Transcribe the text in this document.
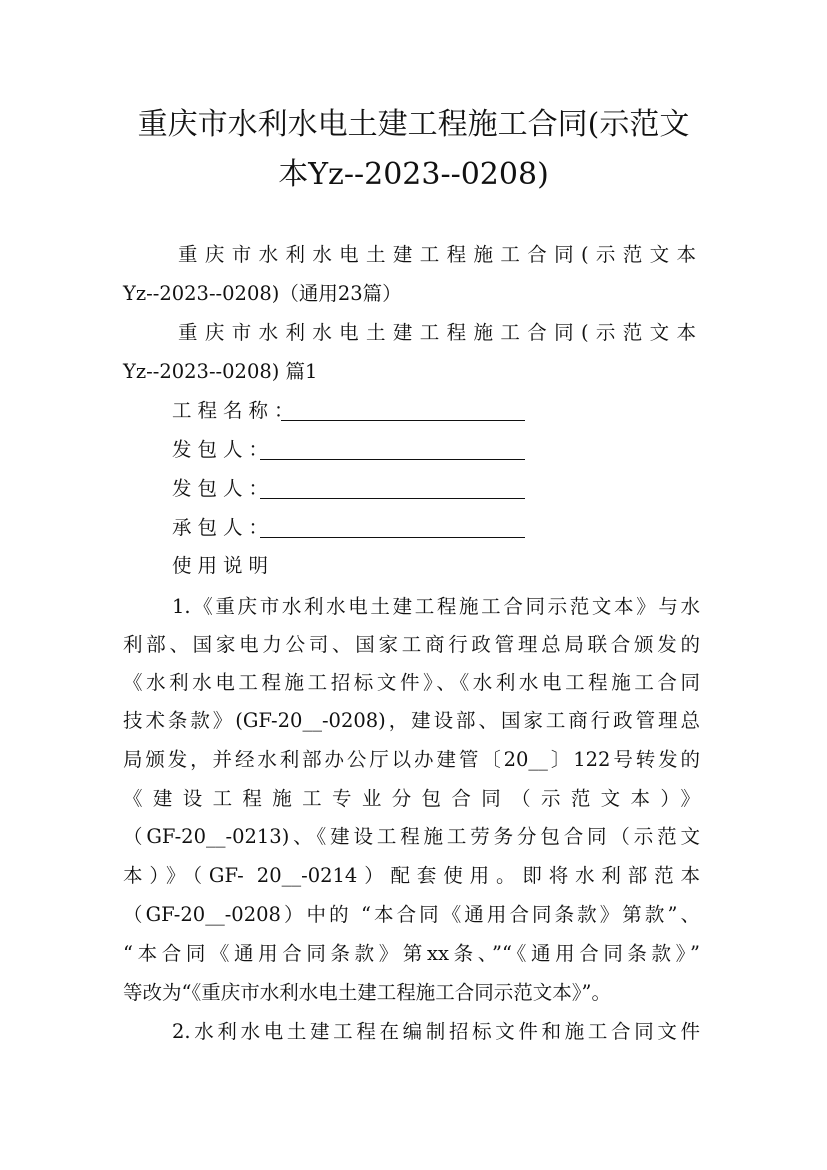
重庆市水利水电土建工程施工合同(示范文
本Yz--2023--0208)
重庆市水利水电土建工程施工合同(示范文本
Yz--2023--0208)（通用23篇）
重庆市水利水电土建工程施工合同(示范文本
Yz--2023--0208) 篇1
工程名称：
发包人：
发包人：
承包人：
使用说明
1.《重庆市水利水电土建工程施工合同示范文本》与水
利部、国家电力公司、国家工商行政管理总局联合颁发的
《水利水电工程施工招标文件》、《水利水电工程施工合同
技术条款》(GF-20__-0208)，建设部、国家工商行政管理总
局颁发，并经水利部办公厅以办建管〔20__〕122号转发的
《建设工程施工专业分包合同（示范文本）》
（GF-20__-0213)、《建设工程施工劳务分包合同（示范文
本）》（GF- 20__-0214）配套使用。即将水利部范本
（GF-20__-0208）中的 “本合同《通用合同条款》第款”、
“本合同《通用合同条款》第xx条、”“《通用合同条款》”
等改为“《重庆市水利水电土建工程施工合同示范文本》”。
2.水利水电土建工程在编制招标文件和施工合同文件
